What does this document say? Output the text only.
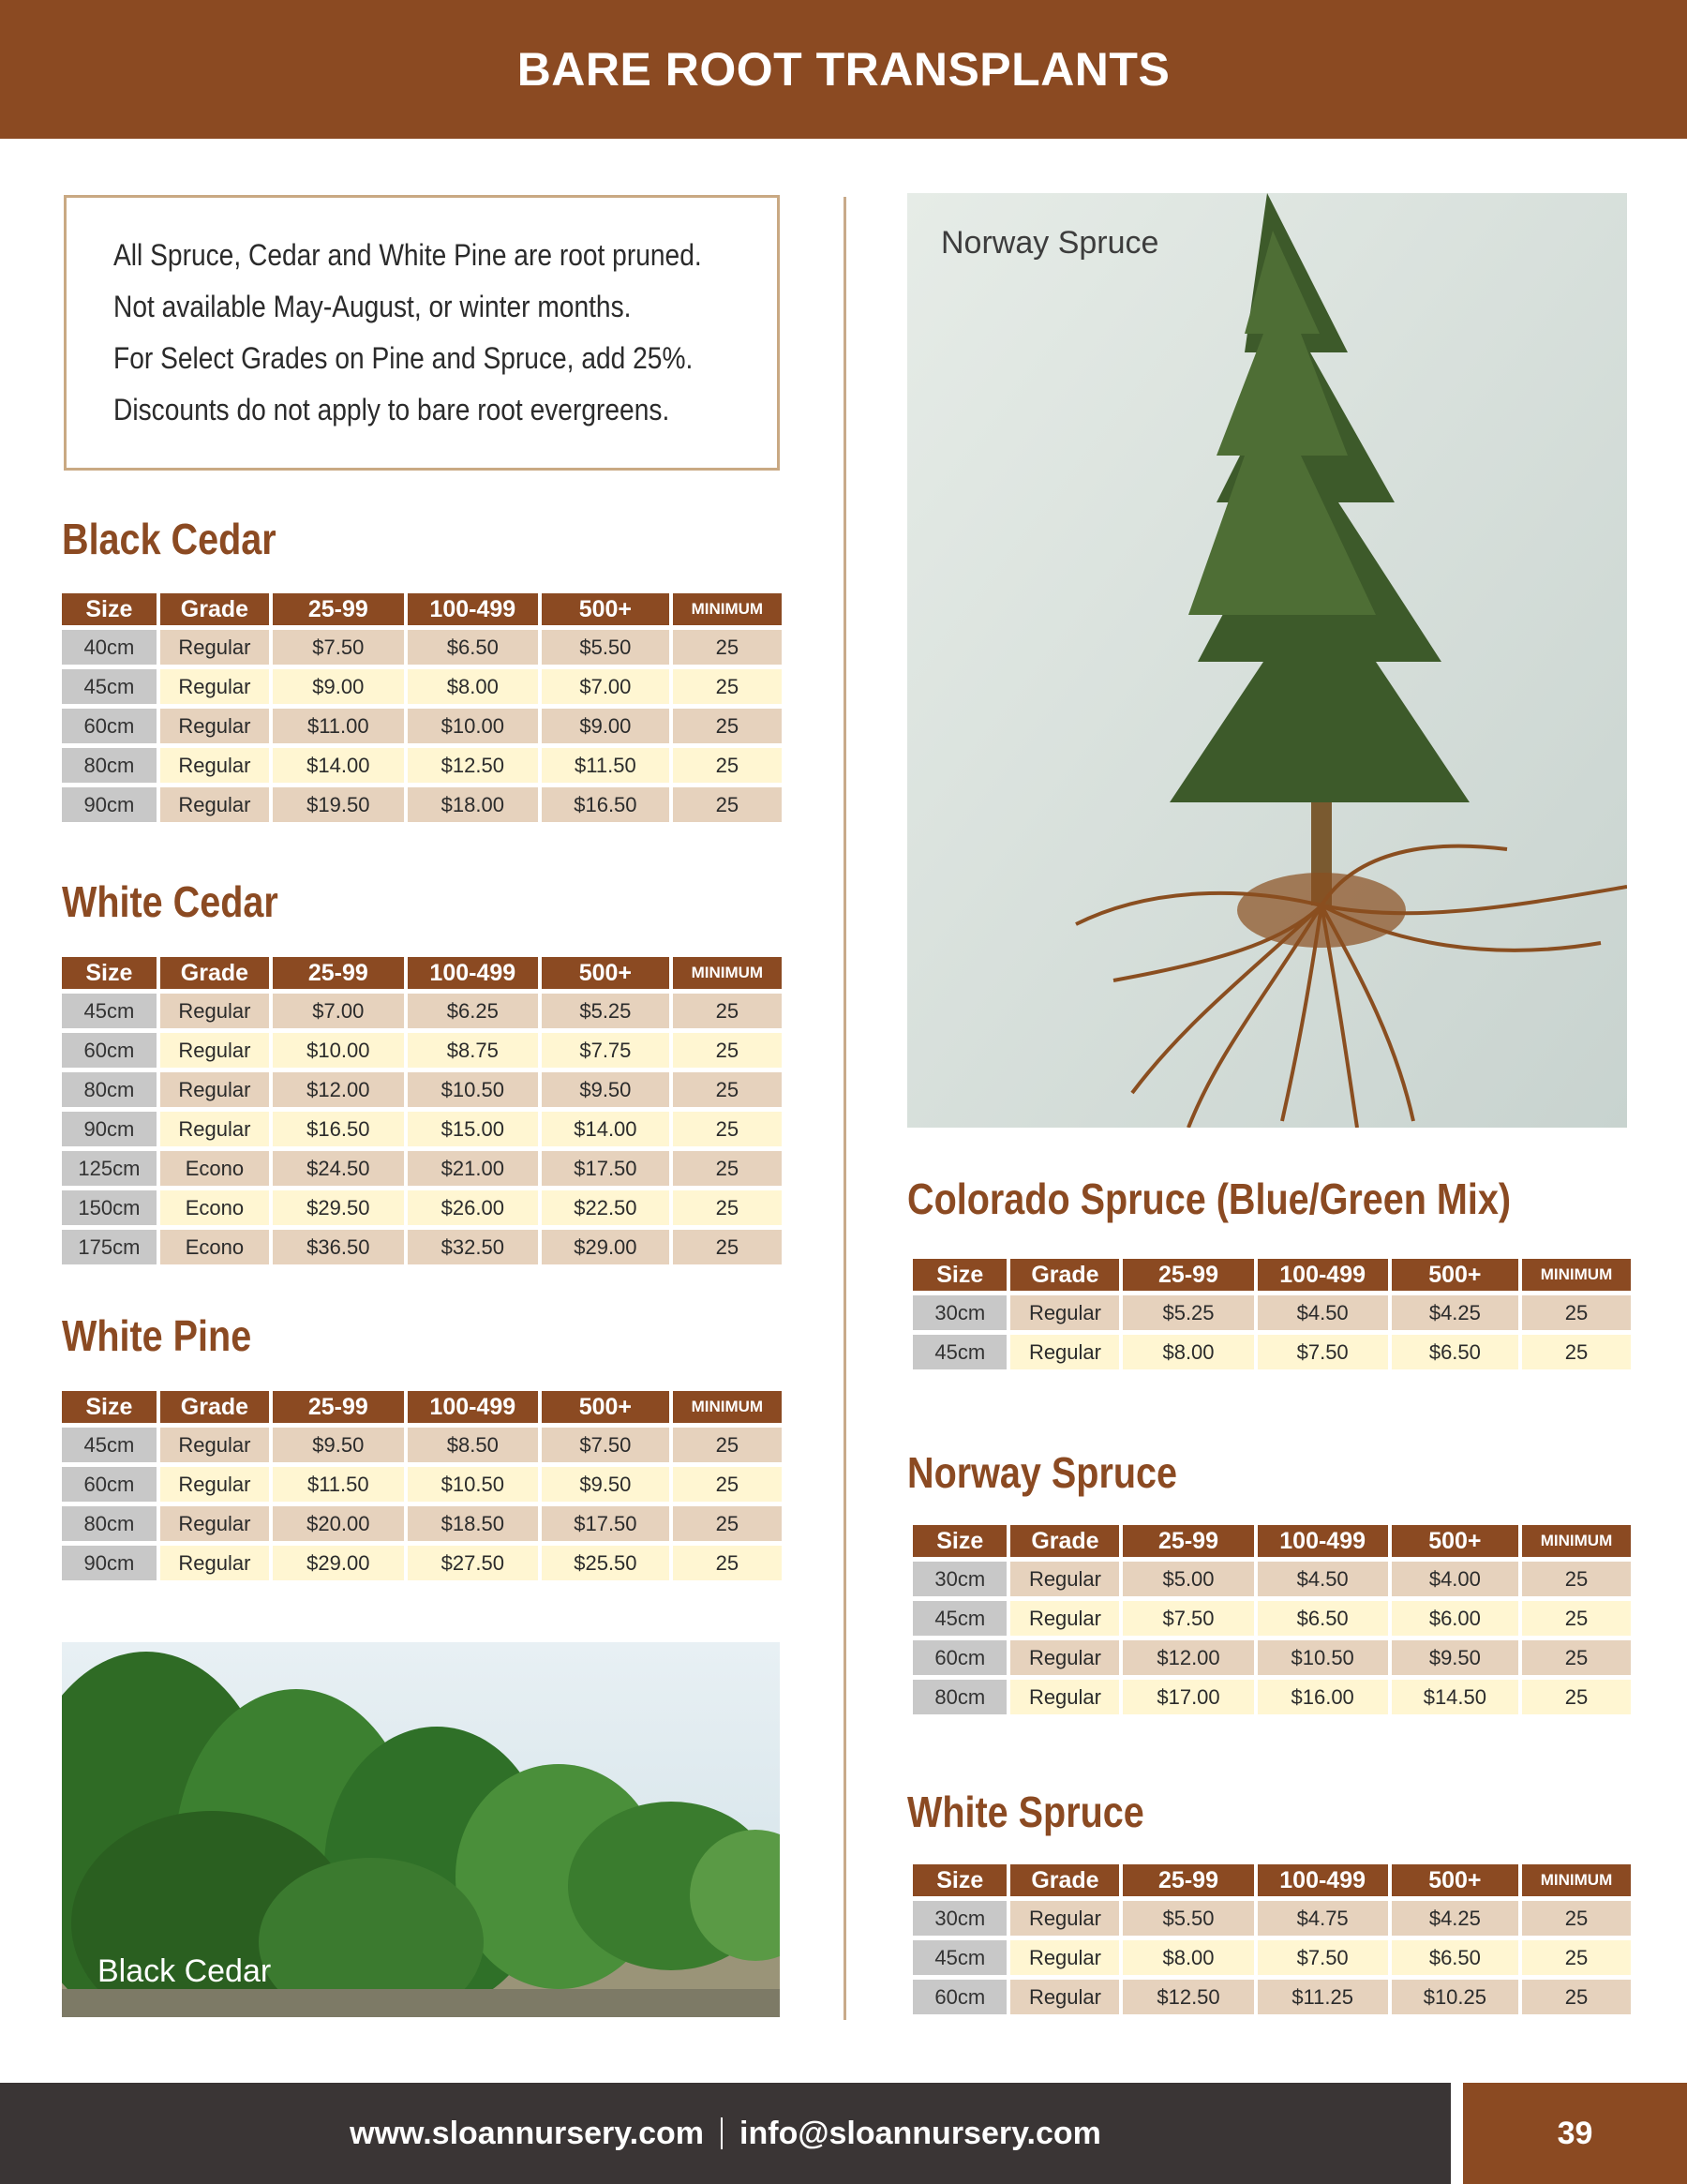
BARE ROOT TRANSPLANTS

All Spruce, Cedar and White Pine are root pruned.

Not available May-August, or winter months.

For Select Grades on Pine and Spruce, add 25%.

Discounts do not apply to bare root evergreens.

Black Cedar
Size	Grade	25-99	100-499	500+	MINIMUM
40cm	Regular	$7.50	$6.50	$5.50	25
45cm	Regular	$9.00	$8.00	$7.00	25
60cm	Regular	$11.00	$10.00	$9.00	25
80cm	Regular	$14.00	$12.50	$11.50	25
90cm	Regular	$19.50	$18.00	$16.50	25
White Cedar
Size	Grade	25-99	100-499	500+	MINIMUM
45cm	Regular	$7.00	$6.25	$5.25	25
60cm	Regular	$10.00	$8.75	$7.75	25
80cm	Regular	$12.00	$10.50	$9.50	25
90cm	Regular	$16.50	$15.00	$14.00	25
125cm	Econo	$24.50	$21.00	$17.50	25
150cm	Econo	$29.50	$26.00	$22.50	25
175cm	Econo	$36.50	$32.50	$29.00	25
White Pine
Size	Grade	25-99	100-499	500+	MINIMUM
45cm	Regular	$9.50	$8.50	$7.50	25
60cm	Regular	$11.50	$10.50	$9.50	25
80cm	Regular	$20.00	$18.50	$17.50	25
90cm	Regular	$29.00	$27.50	$25.50	25
Black Cedar
Norway Spruce
Colorado Spruce (Blue/Green Mix)
Size	Grade	25-99	100-499	500+	MINIMUM
30cm	Regular	$5.25	$4.50	$4.25	25
45cm	Regular	$8.00	$7.50	$6.50	25
Norway Spruce
Size	Grade	25-99	100-499	500+	MINIMUM
30cm	Regular	$5.00	$4.50	$4.00	25
45cm	Regular	$7.50	$6.50	$6.00	25
60cm	Regular	$12.00	$10.50	$9.50	25
80cm	Regular	$17.00	$16.00	$14.50	25
White Spruce
Size	Grade	25-99	100-499	500+	MINIMUM
30cm	Regular	$5.50	$4.75	$4.25	25
45cm	Regular	$8.00	$7.50	$6.50	25
60cm	Regular	$12.50	$11.25	$10.25	25
www.sloannursery.com info@sloannursery.com	39
